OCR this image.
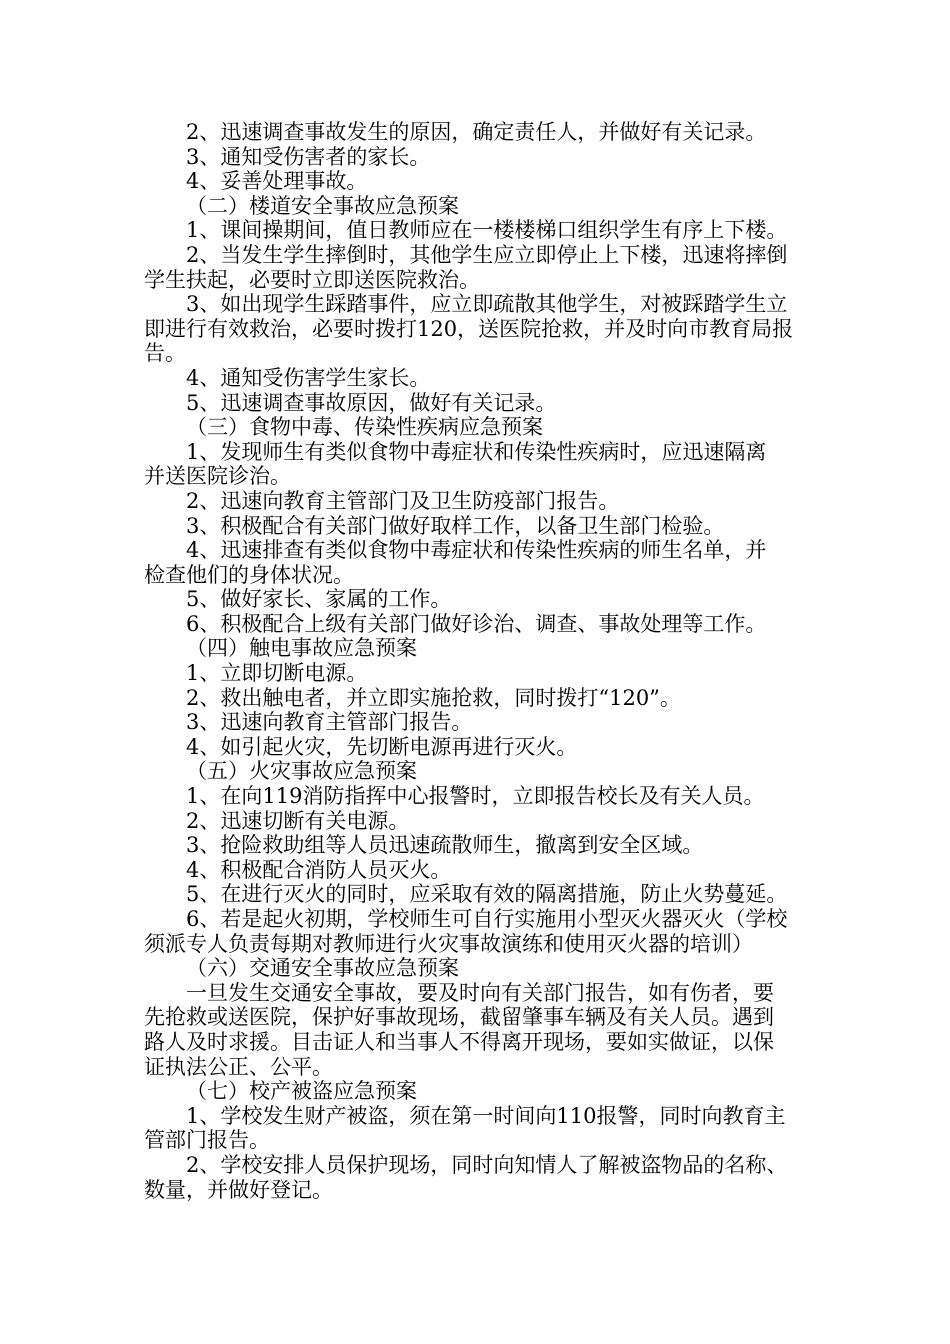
2、迅速调查事故发生的原因，确定责任人，并做好有关记录。
3、通知受伤害者的家长。
4、妥善处理事故。
（二）楼道安全事故应急预案
1、课间操期间，值日教师应在一楼楼梯口组织学生有序上下楼。
2、当发生学生摔倒时，其他学生应立即停止上下楼，迅速将摔倒
学生扶起，必要时立即送医院救治。
3、如出现学生踩踏事件，应立即疏散其他学生，对被踩踏学生立
即进行有效救治，必要时拨打120，送医院抢救，并及时向市教育局报
告。
4、通知受伤害学生家长。
5、迅速调查事故原因，做好有关记录。
（三）食物中毒、传染性疾病应急预案
1、发现师生有类似食物中毒症状和传染性疾病时，应迅速隔离
并送医院诊治。
2、迅速向教育主管部门及卫生防疫部门报告。
3、积极配合有关部门做好取样工作，以备卫生部门检验。
4、迅速排查有类似食物中毒症状和传染性疾病的师生名单，并
检查他们的身体状况。
5、做好家长、家属的工作。
6、积极配合上级有关部门做好诊治、调查、事故处理等工作。
（四）触电事故应急预案
1、立即切断电源。
2、救出触电者，并立即实施抢救，同时拨打“120”。
3、迅速向教育主管部门报告。
4、如引起火灾，先切断电源再进行灭火。
（五）火灾事故应急预案
1、在向119消防指挥中心报警时，立即报告校长及有关人员。
2、迅速切断有关电源。
3、抢险救助组等人员迅速疏散师生，撤离到安全区域。
4、积极配合消防人员灭火。
5、在进行灭火的同时，应采取有效的隔离措施，防止火势蔓延。
6、若是起火初期，学校师生可自行实施用小型灭火器灭火（学校
须派专人负责每期对教师进行火灾事故演练和使用灭火器的培训）
（六）交通安全事故应急预案
一旦发生交通安全事故，要及时向有关部门报告，如有伤者，要
先抢救或送医院，保护好事故现场，截留肇事车辆及有关人员。遇到
路人及时求援。目击证人和当事人不得离开现场，要如实做证，以保
证执法公正、公平。
（七）校产被盗应急预案
1、学校发生财产被盗，须在第一时间向110报警，同时向教育主
管部门报告。
2、学校安排人员保护现场，同时向知情人了解被盗物品的名称、
数量，并做好登记。
